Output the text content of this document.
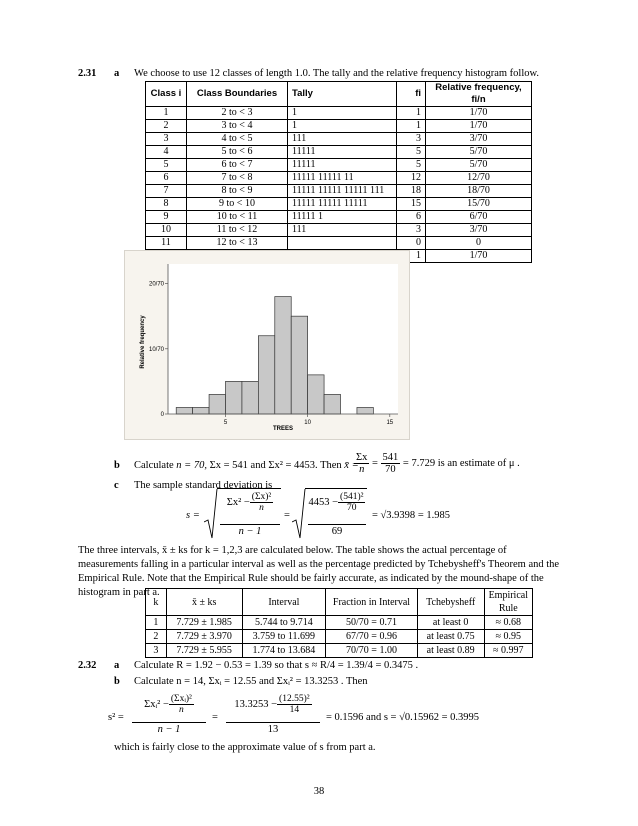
2.31 a We choose to use 12 classes of length 1.0. The tally and the relative frequency histogram follow.
Class i	Class Boundaries	Tally	fi	Relative frequency, fi/n
1	2 to < 3	1	1	1/70
2	3 to < 4	1	1	1/70
3	4 to < 5	111	3	3/70
4	5 to < 6	11111	5	5/70
5	6 to < 7	11111	5	5/70
6	7 to < 8	11111 11111 11	12	12/70
7	8 to < 9	11111 11111 11111 111	18	18/70
8	9 to < 10	11111 11111 11111	15	15/70
9	10 to < 11	11111 1	6	6/70
10	11 to < 12	111	3	3/70
11	12 to < 13		0	0
			1	1/70
5	10	15
0
10/70
20/70
TREES
Relative frequency
b Calculate n = 70, Σx = 541 and Σx² = 4453. Then x̄ =
$\frac{\Sigma x}{n} = \frac{541}{70} = 7.729$ is an estimate of μ .
c The sample standard deviation is
s =
$\Sigma x^2 - \frac{\text{(Σx)²}}{n}$
n − 1
=
$4453 - \frac{\text{(541)²}}{70}$
69
= √3.9398 = 1.985
The three intervals, x̄ ± ks for k = 1,2,3 are calculated below. The table shows the actual percentage of measurements falling in a particular interval as well as the percentage predicted by Tchebysheff's Theorem and the Empirical Rule. Note that the Empirical Rule should be fairly accurate, as indicated by the mound-shape of the histogram in part a.
k	x̄ ± ks	Interval	Fraction in Interval	Tchebysheff	Empirical Rule
1	7.729 ± 1.985	5.744 to 9.714	50/70 = 0.71	at least 0	≈ 0.68
2	7.729 ± 3.970	3.759 to 11.699	67/70 = 0.96	at least 0.75	≈ 0.95
3	7.729 ± 5.955	1.774 to 13.684	70/70 = 1.00	at least 0.89	≈ 0.997
2.32 a Calculate R = 1.92 − 0.53 = 1.39 so that s ≈ R/4 = 1.39/4 = 0.3475 .
b Calculate n = 14, Σxᵢ = 12.55 and Σxᵢ² = 13.3253 . Then
s² =
Σxᵢ² − $\frac{\text{(Σxᵢ)²}}{n}$
n − 1
=
$13.3253 - \frac{\text{(12.55)²}}{14}$
13
= 0.1596 and s = √0.15962 = 0.3995
which is fairly close to the approximate value of s from part a.
38
